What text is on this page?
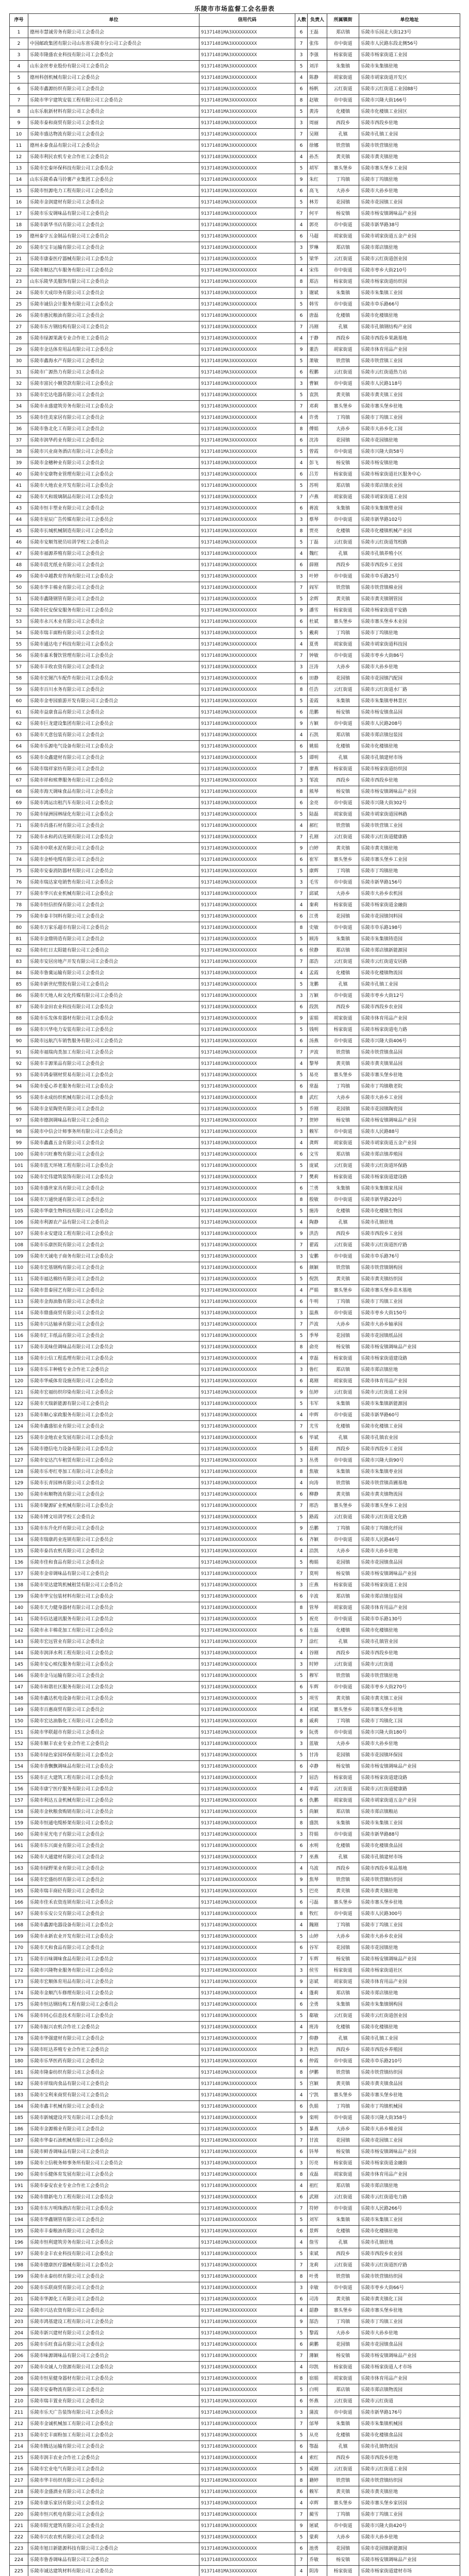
乐陵市市场监督工会名册表
序号	单位	信用代码	人数	负责人	所属镇街	单位地址
1	德州市慧诚劳务有限公司工会委员会	91371481MA3XXXXXXXXX	6	王磊	郑店镇	乐陵市乐园北大街123号
2	中国邮政集团有限公司山东省乐陵市分公司工会委员会	91371481MA3XXXXXXXXX	7	张伟	市中街道	乐陵市人民路东段北侧56号
3	乐陵市隆盛农业科技有限公司工会委员会	91371481MA3XXXXXXXXX	3	李强	杨家街道	乐陵市杨家街道工业园
4	山东金丝枣业股份有限公司工会委员会	91371481MA3XXXXXXXXX	5	刘洋	朱集镇	乐陵市朱集镇驻地
5	德州科创机械有限公司工会委员会	91371481MA3XXXXXXXXX	4	陈静	胡家街道	乐陵市胡家街道开发区
6	乐陵市鑫源纺织有限公司工会委员会	91371481MA3XXXXXXXXX	6	杨帆	云红街道	乐陵市云红街道工业园88号
7	乐陵市华宇建筑安装工程有限公司工会委员会	91371481MA3XXXXXXXXX	8	赵敏	市中街道	乐陵市兴隆大街166号
8	山东乐航新材料有限公司工会委员会	91371481MA3XXXXXXXXX	5	黄涛	化楼镇	乐陵市化楼镇工业园区
9	乐陵市泰和商贸有限公司工会委员会	91371481MA3XXXXXXXXX	3	周丽	西段乡	乐陵市西段乡驻地
10	乐陵市盛达物流有限公司工会委员会	91371481MA3XXXXXXXXX	7	吴刚	孔镇	乐陵市孔镇工业园
11	德州永泰食品有限公司工会委员会	91371481MA3XXXXXXXXX	6	徐娜	铁营镇	乐陵市铁营镇驻地
12	乐陵市利民农机专业合作社工会委员会	91371481MA3XXXXXXXXX	4	孙杰	黄夹镇	乐陵市黄夹镇驻地
13	乐陵市宏泰环保科技有限公司工会委员会	91371481MA3XXXXXXXXX	5	胡军	寨头堡乡	乐陵市寨头堡乡工业园
14	山东乐陵希森马铃薯产业集团工会委员会	91371481MA3XXXXXXXXX	9	朱红	丁坞镇	乐陵市丁坞镇驻地
15	乐陵市恒源电力工程有限公司工会委员会	91371481MA3XXXXXXXXX	6	高飞	大孙乡	乐陵市大孙乡驻地
16	乐陵市金润建材有限公司工会委员会	91371481MA3XXXXXXXXX	5	林芳	花园镇	乐陵市花园镇工业园
17	乐陵市乐安调味品有限公司工会委员会	91371481MA3XXXXXXXXX	7	何平	杨安镇	乐陵市杨安镇调味品产业园
18	乐陵市新华书店有限公司工会委员会	91371481MA3XXXXXXXXX	4	郭亮	市中街道	乐陵市新华路38号
19	德州泰宇五金制品有限公司工会委员会	91371481MA3XXXXXXXXX	6	马超	胡家街道	乐陵市胡家街道五金产业园
20	乐陵市宝丰运输有限公司工会委员会	91371481MA3XXXXXXXXX	3	罗琳	郑店镇	乐陵市郑店镇驻地
21	乐陵市康泰医疗器械有限公司工会委员会	91371481MA3XXXXXXXXX	5	梁华	云红街道	乐陵市云红街道创业园
22	乐陵市顺达汽车服务有限公司工会委员会	91371481MA3XXXXXXXXX	4	宋伟	市中街道	乐陵市枣乡大街210号
23	山东乐陵华美服饰有限公司工会委员会	91371481MA3XXXXXXXXX	8	郑洁	杨家街道	乐陵市杨家街道纺织园
24	乐陵市天成印务有限公司工会委员会	91371481MA3XXXXXXXXX	3	谢斌	朱集镇	乐陵市朱集镇工业园
25	乐陵市诚信会计服务有限公司工会委员会	91371481MA3XXXXXXXXX	5	韩雪	市中街道	乐陵市阜乐路66号
26	乐陵市惠民粮油有限公司工会委员会	91371481MA3XXXXXXXXX	6	唐磊	化楼镇	乐陵市化楼镇驻地
27	乐陵市东方钢结构有限公司工会委员会	91371481MA3XXXXXXXXX	7	冯刚	孔镇	乐陵市孔镇钢结构产业园
28	乐陵市绿源果蔬专业合作社工会委员会	91371481MA3XXXXXXXXX	4	于静	西段乡	乐陵市西段乡果蔬基地
29	乐陵市金达体育用品有限公司工会委员会	91371481MA3XXXXXXXXX	9	董浩	胡家街道	乐陵市体育用品产业园
30	乐陵市鑫海水产有限公司工会委员会	91371481MA3XXXXXXXXX	5	萧敏	铁营镇	乐陵市铁营镇工业园
31	乐陵市广源热力有限公司工会委员会	91371481MA3XXXXXXXXX	6	程鹏	云红街道	乐陵市云红街道热力站
32	乐陵市富民小额贷款有限公司工会委员会	91371481MA3XXXXXXXXX	3	曹颖	市中街道	乐陵市人民路118号
33	乐陵市宏达电器有限公司工会委员会	91371481MA3XXXXXXXXX	5	袁凯	黄夹镇	乐陵市黄夹镇工业园
34	乐陵市永盛建筑劳务有限公司工会委员会	91371481MA3XXXXXXXXX	7	邓莉	寨头堡乡	乐陵市寨头堡乡驻地
35	乐陵市佳美家居有限公司工会委员会	91371481MA3XXXXXXXXX	4	许勇	丁坞镇	乐陵市丁坞镇工业园
36	乐陵市鲁北化工有限公司工会委员会	91371481MA3XXXXXXXXX	8	傅娟	大孙乡	乐陵市大孙乡化工园
37	乐陵市润华药业有限公司工会委员会	91371481MA3XXXXXXXXX	6	沈涛	花园镇	乐陵市花园镇驻地
38	乐陵市兴业商务酒店有限公司工会委员会	91371481MA3XXXXXXXXX	5	曾霞	市中街道	乐陵市兴隆大街58号
39	乐陵市金穗种业有限公司工会委员会	91371481MA3XXXXXXXXX	4	彭飞	杨安镇	乐陵市杨安镇驻地
40	乐陵市安康物业管理有限公司工会委员会	91371481MA3XXXXXXXXX	6	吕芳	杨家街道	乐陵市杨家街道社区服务中心
41	乐陵市大地农业开发有限公司工会委员会	91371481MA3XXXXXXXXX	5	苏明	郑店镇	乐陵市郑店镇农业园
42	乐陵市天和玻璃制品有限公司工会委员会	91371481MA3XXXXXXXXX	7	卢燕	胡家街道	乐陵市胡家街道工业园
43	乐陵市恒丰塑业有限公司工会委员会	91371481MA3XXXXXXXXX	6	蒋波	朱集镇	乐陵市朱集镇塑业园
44	乐陵市星辰广告传媒有限公司工会委员会	91371481MA3XXXXXXXXX	3	蔡琴	市中街道	乐陵市新华路102号
45	乐陵市长城机械制造有限公司工会委员会	91371481MA3XXXXXXXXX	8	贾亮	化楼镇	乐陵市化楼镇机械产业园
46	乐陵市安顺驾驶员培训学校工会委员会	91371481MA3XXXXXXXXX	5	丁磊	云红街道	乐陵市云红街道驾校路
47	乐陵市福源养殖有限公司工会委员会	91371481MA3XXXXXXXXX	4	魏红	孔镇	乐陵市孔镇养殖小区
48	乐陵市晨光纸业有限公司工会委员会	91371481MA3XXXXXXXXX	6	薛刚	西段乡	乐陵市西段乡工业园
49	乐陵市卓越教育咨询有限公司工会委员会	91371481MA3XXXXXXXXX	3	叶婷	市中街道	乐陵市阜乐路25号
50	乐陵市华丰棉业有限公司工会委员会	91371481MA3XXXXXXXXX	7	阎军	铁营镇	乐陵市铁营镇棉业园
51	乐陵市鑫隆钢管有限公司工会委员会	91371481MA3XXXXXXXXX	5	余辉	黄夹镇	乐陵市黄夹镇钢管园
52	乐陵市民安保安服务有限公司工会委员会	91371481MA3XXXXXXXXX	9	潘雪	杨家街道	乐陵市杨家街道平安路
53	乐陵市永兴木业有限公司工会委员会	91371481MA3XXXXXXXXX	6	杜斌	寨头堡乡	乐陵市寨头堡乡木业园
54	乐陵市瑞丰面粉有限公司工会委员会	91371481MA3XXXXXXXXX	5	戴莉	丁坞镇	乐陵市丁坞镇驻地
55	乐陵市通达电子科技有限公司工会委员会	91371481MA3XXXXXXXXX	4	夏勇	胡家街道	乐陵市胡家街道科技园
56	乐陵市嘉禾餐饮管理有限公司工会委员会	91371481MA3XXXXXXXXX	7	钟敏	市中街道	乐陵市枣乡大街86号
57	乐陵市丰收农资有限公司工会委员会	91371481MA3XXXXXXXXX	3	汪涛	大孙乡	乐陵市大孙乡驻地
58	乐陵市宏图汽车配件有限公司工会委员会	91371481MA3XXXXXXXXX	6	田静	花园镇	乐陵市花园镇汽配园
59	乐陵市百川水务有限公司工会委员会	91371481MA3XXXXXXXXX	8	任浩	云红街道	乐陵市云红街道水厂路
60	乐陵市金枣园旅游开发有限公司工会委员会	91371481MA3XXXXXXXXX	5	姜霞	朱集镇	乐陵市朱集镇枣林景区
61	乐陵市益康食品有限公司工会委员会	91371481MA3XXXXXXXXX	6	范鹏	杨安镇	乐陵市杨安镇食品园
62	乐陵市巨龙建设集团有限公司工会委员会	91371481MA3XXXXXXXXX	9	方颖	市中街道	乐陵市人民路208号
63	乐陵市天意包装有限公司工会委员会	91371481MA3XXXXXXXXX	4	石凯	郑店镇	乐陵市郑店镇包装园
64	乐陵市乐源电气设备有限公司工会委员会	91371481MA3XXXXXXXXX	6	姚娟	化楼镇	乐陵市化楼镇驻地
65	乐陵市众鑫建材有限公司工会委员会	91371481MA3XXXXXXXXX	5	谭明	孔镇	乐陵市孔镇建材市场
66	乐陵市瑞祥家纺有限公司工会委员会	91371481MA3XXXXXXXXX	7	廖燕	杨家街道	乐陵市杨家街道纺织园
67	乐陵市祥和殡葬服务有限公司工会委员会	91371481MA3XXXXXXXXX	3	邹波	西段乡	乐陵市西段乡驻地
68	乐陵市海天调味食品有限公司工会委员会	91371481MA3XXXXXXXXX	8	熊琴	杨安镇	乐陵市杨安镇调味品产业园
69	乐陵市鸿运出租汽车有限公司工会委员会	91371481MA3XXXXXXXXX	6	金亮	市中街道	乐陵市兴隆大街302号
70	乐陵市绿洲园林绿化有限公司工会委员会	91371481MA3XXXXXXXXX	5	陆磊	胡家街道	乐陵市胡家街道园林路
71	乐陵市昌盛石材有限公司工会委员会	91371481MA3XXXXXXXXX	4	郝红	铁营镇	乐陵市铁营镇工业园
72	乐陵市永和药店连锁有限公司工会委员会	91371481MA3XXXXXXXXX	7	孔刚	云红街道	乐陵市云红街道健康路
73	乐陵市中联水泥有限公司工会委员会	91371481MA3XXXXXXXXX	9	白婷	黄夹镇	乐陵市黄夹镇驻地
74	乐陵市金桥电缆有限公司工会委员会	91371481MA3XXXXXXXXX	6	崔军	寨头堡乡	乐陵市寨头堡乡工业园
75	乐陵市安泰消防器材有限公司工会委员会	91371481MA3XXXXXXXXX	5	康辉	丁坞镇	乐陵市丁坞镇驻地
76	乐陵市瑞达家电销售有限公司工会委员会	91371481MA3XXXXXXXXX	3	毛雪	市中街道	乐陵市新华路156号
77	乐陵市华兴农业机械有限公司工会委员会	91371481MA3XXXXXXXXX	7	邱斌	大孙乡	乐陵市大孙乡农机园
78	乐陵市恒信担保有限公司工会委员会	91371481MA3XXXXXXXXX	4	秦莉	杨家街道	乐陵市杨家街道金融街
79	乐陵市泰丰饲料有限公司工会委员会	91371481MA3XXXXXXXXX	6	江勇	花园镇	乐陵市花园镇饲料园
80	乐陵市万家乐超市有限公司工会委员会	91371481MA3XXXXXXXXX	8	史敏	市中街道	乐陵市阜乐路198号
81	乐陵市金鼎铸造有限公司工会委员会	91371481MA3XXXXXXXXX	5	顾涛	朱集镇	乐陵市朱集镇铸造园
82	乐陵市红日太阳能有限公司工会委员会	91371481MA3XXXXXXXXX	6	侯静	郑店镇	乐陵市郑店镇新能源园
83	乐陵市安居房地产开发有限公司工会委员会	91371481MA3XXXXXXXXX	7	邵浩	云红街道	乐陵市云红街道安居路
84	乐陵市鲁冀运输有限公司工会委员会	91371481MA3XXXXXXXXX	4	孟霞	化楼镇	乐陵市化楼镇物流园
85	乐陵市新世纪塑胶有限公司工会委员会	91371481MA3XXXXXXXXX	5	龙鹏	孔镇	乐陵市孔镇工业园
86	乐陵市天地人和文化传媒有限公司工会委员会	91371481MA3XXXXXXXXX	3	万颖	市中街道	乐陵市枣乡大街12号
87	乐陵市金田农业科技有限公司工会委员会	91371481MA3XXXXXXXXX	6	段凯	西段乡	乐陵市西段乡农业园
88	乐陵市乐发体育器材有限公司工会委员会	91371481MA3XXXXXXXXX	9	雷娟	胡家街道	乐陵市体育用品产业园
89	乐陵市兴华电力安装有限公司工会委员会	91371481MA3XXXXXXXXX	5	钱明	杨家街道	乐陵市杨家街道电力路
90	乐陵市远航汽车销售服务有限公司工会委员会	91371481MA3XXXXXXXXX	6	汤燕	市中街道	乐陵市兴隆大街406号
91	乐陵市福瑞肉类加工有限公司工会委员会	91371481MA3XXXXXXXXX	7	尹波	铁营镇	乐陵市铁营镇食品园
92	乐陵市丰源果品有限公司工会委员会	91371481MA3XXXXXXXXX	4	黎琴	黄夹镇	乐陵市黄夹镇果品园
93	乐陵市鸿泰钢材贸易有限公司工会委员会	91371481MA3XXXXXXXXX	5	易亮	寨头堡乡	乐陵市寨头堡乡驻地
94	乐陵市爱心养老服务有限公司工会委员会	91371481MA3XXXXXXXXX	6	常磊	丁坞镇	乐陵市丁坞镇敬老院
95	乐陵市永成纺织机械有限公司工会委员会	91371481MA3XXXXXXXXX	8	武红	大孙乡	乐陵市大孙乡工业园
96	乐陵市金星陶瓷有限公司工会委员会	91371481MA3XXXXXXXXX	5	乔刚	花园镇	乐陵市花园镇陶瓷园
97	乐陵市德润调味品有限公司工会委员会	91371481MA3XXXXXXXXX	7	贺婷	杨安镇	乐陵市杨安镇调味品产业园
98	乐陵市中信会计师事务所有限公司工会委员会	91371481MA3XXXXXXXXX	3	赖军	市中街道	乐陵市人民路88号
99	乐陵市鑫鑫五金有限公司工会委员会	91371481MA3XXXXXXXXX	4	龚辉	胡家街道	乐陵市胡家街道五金产业园
100	乐陵市兴旺畜牧有限公司工会委员会	91371481MA3XXXXXXXXX	6	文雪	郑店镇	乐陵市郑店镇养殖园
101	乐陵市蓝天环境工程有限公司工会委员会	91371481MA3XXXXXXXXX	5	庞斌	云红街道	乐陵市云红街道环保路
102	乐陵市宏伟建筑装饰有限公司工会委员会	91371481MA3XXXXXXXXX	7	樊莉	杨家街道	乐陵市杨家街道建设路
103	乐陵市盛世家具有限公司工会委员会	91371481MA3XXXXXXXXX	6	兰勇	朱集镇	乐陵市朱集镇家具园
104	乐陵市万通快递有限公司工会委员会	91371481MA3XXXXXXXXX	8	殷敏	市中街道	乐陵市新华路220号
105	乐陵市华康生物科技有限公司工会委员会	91371481MA3XXXXXXXXX	5	施涛	化楼镇	乐陵市化楼镇生物园
106	乐陵市利源农产品有限公司工会委员会	91371481MA3XXXXXXXXX	4	陶静	孔镇	乐陵市孔镇驻地
107	乐陵市永安建设工程有限公司工会委员会	91371481MA3XXXXXXXXX	9	洪浩	西段乡	乐陵市西段乡工业园
108	乐陵市乐康医院有限公司工会委员会	91371481MA3XXXXXXXXX	7	翟霞	云红街道	乐陵市云红街道医疗路
109	乐陵市天诚电子商务有限公司工会委员会	91371481MA3XXXXXXXXX	3	安鹏	市中街道	乐陵市阜乐路76号
110	乐陵市宏基钢构有限公司工会委员会	91371481MA3XXXXXXXXX	6	颜颖	铁营镇	乐陵市铁营镇钢构园
111	乐陵市福达棉纺有限公司工会委员会	91371481MA3XXXXXXXXX	5	倪凯	黄夹镇	乐陵市黄夹镇纺织园
112	乐陵市景泰园艺有限公司工会委员会	91371481MA3XXXXXXXXX	4	严娟	寨头堡乡	乐陵市寨头堡乡苗木基地
113	乐陵市金海油脂有限公司工会委员会	91371481MA3XXXXXXXXX	6	牛明	丁坞镇	乐陵市丁坞镇工业园
114	乐陵市鼎盛商贸有限公司工会委员会	91371481MA3XXXXXXXXX	3	温燕	市中街道	乐陵市枣乡大街150号
115	乐陵市兴达轴承有限公司工会委员会	91371481MA3XXXXXXXXX	7	芦波	大孙乡	乐陵市大孙乡轴承园
116	乐陵市汇丰纸品有限公司工会委员会	91371481MA3XXXXXXXXX	5	季琴	花园镇	乐陵市花园镇纸品园
117	乐陵市美味佳调味品有限公司工会委员会	91371481MA3XXXXXXXXX	8	俞亮	杨安镇	乐陵市杨安镇调味品产业园
118	乐陵市公信工程监理有限公司工会委员会	91371481MA3XXXXXXXXX	4	章磊	杨家街道	乐陵市杨家街道建设路
119	乐陵市乐丰种植专业合作社工会委员会	91371481MA3XXXXXXXXX	3	鲁红	郑店镇	乐陵市郑店镇驻地
120	乐陵市华威体育设施有限公司工会委员会	91371481MA3XXXXXXXXX	6	葛刚	胡家街道	乐陵市体育用品产业园
121	乐陵市宏福纺织印染有限公司工会委员会	91371481MA3XXXXXXXXX	9	伍婷	云红街道	乐陵市云红街道工业园
122	乐陵市天瑞新能源有限公司工会委员会	91371481MA3XXXXXXXXX	5	韦军	朱集镇	乐陵市朱集镇新能源园
123	乐陵市顺心家政服务有限公司工会委员会	91371481MA3XXXXXXXXX	4	申辉	市中街道	乐陵市新华路60号
124	乐陵市鑫盛铝业有限公司工会委员会	91371481MA3XXXXXXXXX	7	尤雪	化楼镇	乐陵市化楼镇工业园
125	乐陵市金地农业发展有限公司工会委员会	91371481MA3XXXXXXXXX	6	毕斌	孔镇	乐陵市孔镇农业园
126	乐陵市德信电力设备有限公司工会委员会	91371481MA3XXXXXXXXX	5	聂莉	西段乡	乐陵市西段乡工业园
127	乐陵市安达汽车租赁有限公司工会委员会	91371481MA3XXXXXXXXX	3	丛勇	市中街道	乐陵市兴隆大街90号
128	乐陵市乐枣红枣加工有限公司工会委员会	91371481MA3XXXXXXXXX	8	焦敏	朱集镇	乐陵市朱集镇枣业园
129	乐陵市长青园林有限公司工会委员会	91371481MA3XXXXXXXXX	4	向涛	铁营镇	乐陵市铁营镇苗圃基地
130	乐陵市和顺物流有限公司工会委员会	91371481MA3XXXXXXXXX	6	柳静	黄夹镇	乐陵市黄夹镇物流园
131	乐陵市聚源矿业机械有限公司工会委员会	91371481MA3XXXXXXXXX	7	邢浩	寨头堡乡	乐陵市寨头堡乡工业园
132	乐陵市博文培训学校工会委员会	91371481MA3XXXXXXXXX	5	路霞	云红街道	乐陵市云红街道文化路
133	乐陵市东升化纤有限公司工会委员会	91371481MA3XXXXXXXXX	9	岳鹏	丁坞镇	乐陵市丁坞镇化纤园
134	乐陵市瑞康药业连锁有限公司工会委员会	91371481MA3XXXXXXXXX	6	齐颖	市中街道	乐陵市人民路46号
135	乐陵市泰昌农机有限公司工会委员会	91371481MA3XXXXXXXXX	4	沿凯	大孙乡	乐陵市大孙乡驻地
136	乐陵市佳和食品有限公司工会委员会	91371481MA3XXXXXXXXX	5	梅娟	花园镇	乐陵市花园镇食品园
137	乐陵市金帝调味品有限公司工会委员会	91371481MA3XXXXXXXXX	7	莫明	杨安镇	乐陵市杨安镇调味品产业园
138	乐陵市荣达建筑机械租赁有限公司工会委员会	91371481MA3XXXXXXXXX	3	庄燕	杨家街道	乐陵市杨家街道工业园
139	乐陵市华宝包装材料有限公司工会委员会	91371481MA3XXXXXXXXX	6	辛波	郑店镇	乐陵市郑店镇包装园
140	乐陵市天力健身器材有限公司工会委员会	91371481MA3XXXXXXXXX	8	管琴	胡家街道	乐陵市体育用品产业园
141	乐陵市信达通讯服务有限公司工会委员会	91371481MA3XXXXXXXXX	5	祝亮	市中街道	乐陵市阜乐路130号
142	乐陵市永丰棉花加工有限公司工会委员会	91371481MA3XXXXXXXXX	6	左磊	化楼镇	乐陵市化楼镇驻地
143	乐陵市宏远管业有限公司工会委员会	91371481MA3XXXXXXXXX	7	涂红	孔镇	乐陵市孔镇管业园
144	乐陵市润泽水利工程有限公司工会委员会	91371481MA3XXXXXXXXX	4	谷刚	西段乡	乐陵市西段乡驻地
145	乐陵市安心殡仪服务有限公司工会委员会	91371481MA3XXXXXXXXX	3	时婷	云红街道	乐陵市云红街道
146	乐陵市金马运输有限公司工会委员会	91371481MA3XXXXXXXXX	5	穆军	铁营镇	乐陵市铁营镇驻地
147	乐陵市和谐社区服务有限公司工会委员会	91371481MA3XXXXXXXXX	6	车辉	市中街道	乐陵市枣乡大街270号
148	乐陵市鑫达机电设备有限公司工会委员会	91371481MA3XXXXXXXXX	5	项雪	黄夹镇	乐陵市黄夹镇工业园
149	乐陵市百惠商贸有限公司工会委员会	91371481MA3XXXXXXXXX	4	祁斌	寨头堡乡	乐陵市寨头堡乡驻地
150	乐陵市宏达油脂化工有限公司工会委员会	91371481MA3XXXXXXXXX	8	戚莉	丁坞镇	乐陵市丁坞镇化工园
151	乐陵市华联超市有限公司工会委员会	91371481MA3XXXXXXXXX	9	阮勇	市中街道	乐陵市兴隆大街180号
152	乐陵市顺丰农业专业合作社工会委员会	91371481MA3XXXXXXXXX	3	蓝敏	大孙乡	乐陵市大孙乡驻地
153	乐陵市绿色家园环保有限公司工会委员会	91371481MA3XXXXXXXXX	5	甘涛	花园镇	乐陵市花园镇环保园
154	乐陵市香飘飘调味品有限公司工会委员会	91371481MA3XXXXXXXXX	6	卓静	杨安镇	乐陵市杨安镇调味品产业园
155	乐陵市正大建筑工程有限公司工会委员会	91371481MA3XXXXXXXXX	7	屈浩	杨家街道	乐陵市杨家街道建设路
156	乐陵市康宁医疗服务有限公司工会委员会	91371481MA3XXXXXXXXX	4	单霞	云红街道	乐陵市云红街道健康路
157	乐陵市利达五金机械有限公司工会委员会	91371481MA3XXXXXXXXX	6	仇鹏	胡家街道	乐陵市胡家街道五金产业园
158	乐陵市金秋粮食购销有限公司工会委员会	91371481MA3XXXXXXXXX	5	尚颖	郑店镇	乐陵市郑店镇粮站
159	乐陵市恒通电缆桥架有限公司工会委员会	91371481MA3XXXXXXXXX	8	盛凯	朱集镇	乐陵市朱集镇工业园
160	乐陵市星光电子有限公司工会委员会	91371481MA3XXXXXXXXX	3	符娟	市中街道	乐陵市新华路88号
161	乐陵市东兴面业有限公司工会委员会	91371481MA3XXXXXXXXX	6	水明	化楼镇	乐陵市化楼镇食品园
162	乐陵市大通建材有限公司工会委员会	91371481MA3XXXXXXXXX	7	巫燕	孔镇	乐陵市孔镇建材市场
163	乐陵市绿野果业有限公司工会委员会	91371481MA3XXXXXXXXX	4	乌波	西段乡	乐陵市西段乡果品基地
164	乐陵市宏盛纺织有限公司工会委员会	91371481MA3XXXXXXXXX	9	焦琴	铁营镇	乐陵市铁营镇纺织园
165	乐陵市瑞丰商砼有限公司工会委员会	91371481MA3XXXXXXXXX	5	巴亮	黄夹镇	乐陵市黄夹镇驻地
166	乐陵市佳禾农资连锁有限公司工会委员会	91371481MA3XXXXXXXXX	6	弓磊	寨头堡乡	乐陵市寨头堡乡驻地
167	乐陵市乐安公交有限公司工会委员会	91371481MA3XXXXXXXXX	8	牧红	市中街道	乐陵市人民路300号
168	乐陵市鑫源电器设备有限公司工会委员会	91371481MA3XXXXXXXXX	4	隗刚	丁坞镇	乐陵市丁坞镇工业园
169	乐陵市永新农业开发有限公司工会委员会	91371481MA3XXXXXXXXX	5	山婷	大孙乡	乐陵市大孙乡农业园
170	乐陵市天和食品有限公司工会委员会	91371481MA3XXXXXXXXX	6	谷军	花园镇	乐陵市花园镇驻地
171	乐陵市百味调味食品有限公司工会委员会	91371481MA3XXXXXXXXX	7	车辉	杨安镇	乐陵市杨安镇调味品产业园
172	乐陵市兴隆物业服务有限公司工会委员会	91371481MA3XXXXXXXXX	3	侯雪	杨家街道	乐陵市杨家街道社区
173	乐陵市宏顺体育用品有限公司工会委员会	91371481MA3XXXXXXXXX	9	宓斌	胡家街道	乐陵市体育用品产业园
174	乐陵市金顺汽车修理有限公司工会委员会	91371481MA3XXXXXXXXX	4	蓬莉	郑店镇	乐陵市郑店镇驻地
175	乐陵市恒达钢结构工程有限公司工会委员会	91371481MA3XXXXXXXXX	6	全勇	朱集镇	乐陵市朱集镇钢构园
176	乐陵市同心信息技术有限公司工会委员会	91371481MA3XXXXXXXXX	5	郗敏	云红街道	乐陵市云红街道创业园
177	乐陵市振兴农机合作社工会委员会	91371481MA3XXXXXXXXX	4	班涛	化楼镇	乐陵市化楼镇驻地
178	乐陵市华强建材有限公司工会委员会	91371481MA3XXXXXXXXX	7	仰静	孔镇	乐陵市孔镇工业园
179	乐陵市旺达养殖专业合作社工会委员会	91371481MA3XXXXXXXXX	3	秋浩	西段乡	乐陵市西段乡养殖园
180	乐陵市乐华医药有限公司工会委员会	91371481MA3XXXXXXXXX	6	仲霞	市中街道	乐陵市阜乐路210号
181	乐陵市隆泰纺织有限公司工会委员会	91371481MA3XXXXXXXXX	8	伊鹏	铁营镇	乐陵市铁营镇纺织园
182	乐陵市祥瑞肉食品有限公司工会委员会	91371481MA3XXXXXXXXX	5	宫颖	黄夹镇	乐陵市黄夹镇食品园
183	乐陵市宝利来商贸有限公司工会委员会	91371481MA3XXXXXXXXX	4	宁凯	寨头堡乡	乐陵市寨头堡乡驻地
184	乐陵市鑫丰机械有限公司工会委员会	91371481MA3XXXXXXXXX	6	仇娟	丁坞镇	乐陵市丁坞镇机械园
185	乐陵市新城建设开发有限公司工会委员会	91371481MA3XXXXXXXXX	9	栾明	市中街道	乐陵市兴隆大街358号
186	乐陵市金源棉业有限公司工会委员会	91371481MA3XXXXXXXXX	5	暴燕	大孙乡	乐陵市大孙乡棉业园
187	乐陵市华泰石油机械有限公司工会委员会	91371481MA3XXXXXXXXX	7	甘波	花园镇	乐陵市花园镇工业园
188	乐陵市鲜香调味品有限公司工会委员会	91371481MA3XXXXXXXXX	6	钭琴	杨安镇	乐陵市杨安镇调味品产业园
189	乐陵市立信税务师事务所有限公司工会委员会	91371481MA3XXXXXXXXX	3	厉亮	杨家街道	乐陵市杨家街道金融街
190	乐陵市乐健体育发展有限公司工会委员会	91371481MA3XXXXXXXXX	8	戎磊	胡家街道	乐陵市体育用品产业园
191	乐陵市泰安农业专业合作社工会委员会	91371481MA3XXXXXXXXX	4	祖红	郑店镇	乐陵市郑店镇驻地
192	乐陵市鼎新电力工程有限公司工会委员会	91371481MA3XXXXXXXXX	6	武刚	云红街道	乐陵市云红街道电力路
193	乐陵市东方明珠酒店有限公司工会委员会	91371481MA3XXXXXXXXX	7	符婷	市中街道	乐陵市人民路266号
194	乐陵市华鑫钢管有限公司工会委员会	91371481MA3XXXXXXXXX	5	刘军	朱集镇	乐陵市朱集镇工业园
195	乐陵市丰泰粮油有限公司工会委员会	91371481MA3XXXXXXXXX	6	景辉	化楼镇	乐陵市化楼镇驻地
196	乐陵市恒利建筑劳务有限公司工会委员会	91371481MA3XXXXXXXXX	4	詹雪	孔镇	乐陵市孔镇驻地
197	乐陵市金丰农业科技有限公司工会委员会	91371481MA3XXXXXXXXX	5	束斌	西段乡	乐陵市西段乡农业园
198	乐陵市德康医疗器械有限公司工会委员会	91371481MA3XXXXXXXXX	7	龙莉	云红街道	乐陵市云红街道医疗路
199	乐陵市永泰纺织有限公司工会委员会	91371481MA3XXXXXXXXX	8	叶勇	铁营镇	乐陵市铁营镇纺织园
200	乐陵市乐联商贸有限公司工会委员会	91371481MA3XXXXXXXXX	3	幸敏	市中街道	乐陵市枣乡大街66号
201	乐陵市华源化工有限公司工会委员会	91371481MA3XXXXXXXXX	6	司涛	黄夹镇	乐陵市黄夹镇化工园
202	乐陵市兴达农资有限公司工会委员会	91371481MA3XXXXXXXXX	4	韶静	寨头堡乡	乐陵市寨头堡乡驻地
203	乐陵市鸿基建设工程有限公司工会委员会	91371481MA3XXXXXXXXX	9	郜浩	丁坞镇	乐陵市丁坞镇工业园
204	乐陵市新兴建材有限公司工会委员会	91371481MA3XXXXXXXXX	5	黎霞	大孙乡	乐陵市大孙乡驻地
205	乐陵市乐旺食品有限公司工会委员会	91371481MA3XXXXXXXXX	6	蓟鹏	花园镇	乐陵市花园镇食品园
206	乐陵市味源调味品有限公司工会委员会	91371481MA3XXXXXXXXX	7	薄颖	杨安镇	乐陵市杨安镇调味品产业园
207	乐陵市众诚人力资源有限公司工会委员会	91371481MA3XXXXXXXXX	4	印凯	杨家街道	乐陵市杨家街道人才市场
208	乐陵市恒星健身器材有限公司工会委员会	91371481MA3XXXXXXXXX	8	宿娟	胡家街道	乐陵市体育用品产业园
209	乐陵市安泰物流有限公司工会委员会	91371481MA3XXXXXXXXX	5	白明	郑店镇	乐陵市郑店镇物流园
210	乐陵市瑞丰置业有限公司工会委员会	91371481MA3XXXXXXXXX	6	怀燕	云红街道	乐陵市云红街道
211	乐陵市乐天广告装饰有限公司工会委员会	91371481MA3XXXXXXXXX	3	蒲波	市中街道	乐陵市新华路176号
212	乐陵市金诚机械加工有限公司工会委员会	91371481MA3XXXXXXXXX	7	邰琴	朱集镇	乐陵市朱集镇机械园
213	乐陵市宏丰面粉加工有限公司工会委员会	91371481MA3XXXXXXXXX	5	从亮	化楼镇	乐陵市化楼镇食品园
214	乐陵市腾达运输有限公司工会委员会	91371481MA3XXXXXXXXX	6	鄂磊	孔镇	乐陵市孔镇物流园
215	乐陵市润丰农业合作社工会委员会	91371481MA3XXXXXXXXX	4	索红	西段乡	乐陵市西段乡驻地
216	乐陵市宏业电气有限公司工会委员会	91371481MA3XXXXXXXXX	5	咸刚	云红街道	乐陵市云红街道工业园
217	乐陵市华丰纺织有限公司工会委员会	91371481MA3XXXXXXXXX	8	籍婷	铁营镇	乐陵市铁营镇纺织园
218	乐陵市金盛酒业有限公司工会委员会	91371481MA3XXXXXXXXX	6	赖军	黄夹镇	乐陵市黄夹镇驻地
219	乐陵市康乐家居有限公司工会委员会	91371481MA3XXXXXXXXX	4	卓辉	寨头堡乡	乐陵市寨头堡乡家居园
220	乐陵市恒兴机电有限公司工会委员会	91371481MA3XXXXXXXXX	7	蔺雪	丁坞镇	乐陵市丁坞镇工业园
221	乐陵市阳光建筑有限公司工会委员会	91371481MA3XXXXXXXXX	9	屠斌	市中街道	乐陵市兴隆大街420号
222	乐陵市兴农农机有限公司工会委员会	91371481MA3XXXXXXXXX	5	蒙莉	大孙乡	乐陵市大孙乡驻地
223	乐陵市旭日新能源科技有限公司工会委员会	91371481MA3XXXXXXXXX	6	池勇	花园镇	乐陵市花园镇新能源园
224	乐陵市鲁香调味品有限公司工会委员会	91371481MA3XXXXXXXXX	7	乔敏	杨安镇	乐陵市杨安镇调味品产业园
225	乐陵市诚达建筑材料有限公司工会委员会	91371481MA3XXXXXXXXX	4	阴涛	杨家街道	乐陵市杨家街道建材市场
